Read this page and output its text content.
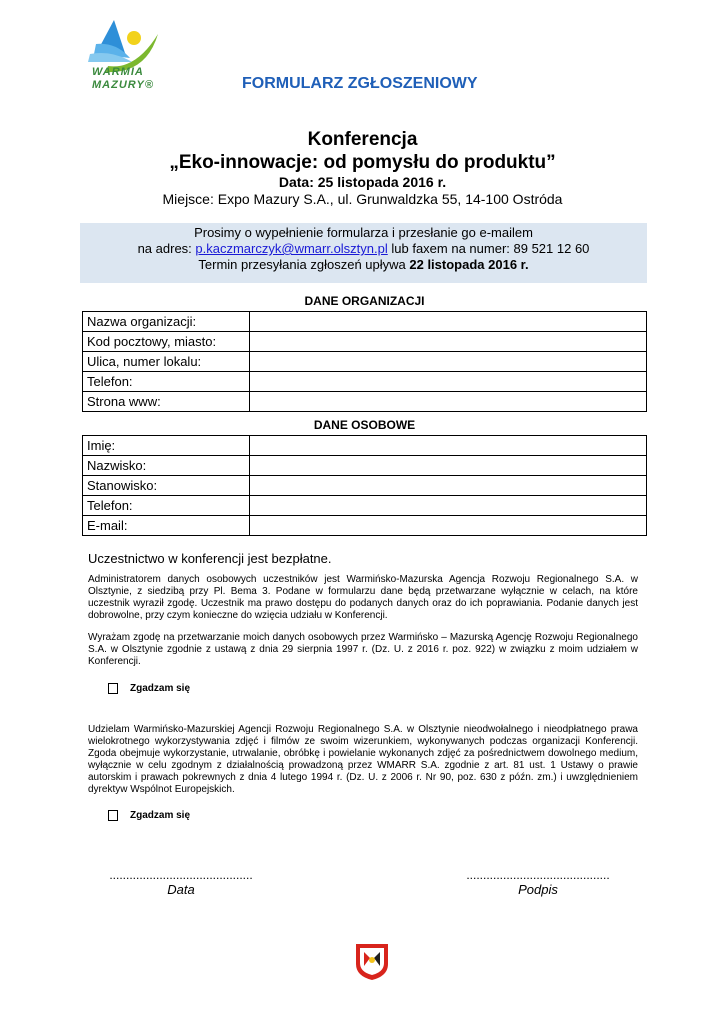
WARMIA
MAZURY®	FORMULARZ ZGŁOSZENIOWY
Konferencja
„Eko-innowacje: od pomysłu do produktu”
Data: 25 listopada 2016 r.
Miejsce: Expo Mazury S.A., ul. Grunwaldzka 55, 14-100 Ostróda
Prosimy o wypełnienie formularza i przesłanie go e-mailem
na adres: p.kaczmarczyk@wmarr.olsztyn.pl lub faxem na numer: 89 521 12 60
Termin przesyłania zgłoszeń upływa 22 listopada 2016 r.
DANE ORGANIZACJI
Nazwa organizacji:	
Kod pocztowy, miasto:	
Ulica, numer lokalu:	
Telefon:	
Strona www:	
DANE OSOBOWE
Imię:	
Nazwisko:	
Stanowisko:	
Telefon:	
E-mail:	
Uczestnictwo w konferencji jest bezpłatne.
Administratorem danych osobowych uczestników jest Warmińsko-Mazurska Agencja Rozwoju Regionalnego S.A. w Olsztynie, z siedzibą przy Pl. Bema 3. Podane w formularzu dane będą przetwarzane wyłącznie w celach, na które uczestnik wyraził zgodę. Uczestnik ma prawo dostępu do podanych danych oraz do ich poprawiania. Podanie danych jest dobrowolne, przy czym konieczne do wzięcia udziału w Konferencji.
Wyrażam zgodę na przetwarzanie moich danych osobowych przez Warmińsko – Mazurską Agencję Rozwoju Regionalnego S.A. w Olsztynie zgodnie z ustawą z dnia 29 sierpnia 1997 r. (Dz. U. z 2016 r. poz. 922) w związku z moim udziałem w Konferencji.
Zgadzam się
Udzielam Warmińsko-Mazurskiej Agencji Rozwoju Regionalnego S.A. w Olsztynie nieodwołalnego i nieodpłatnego prawa wielokrotnego wykorzystywania zdjęć i filmów ze swoim wizerunkiem, wykonywanych podczas organizacji Konferencji. Zgoda obejmuje wykorzystanie, utrwalanie, obróbkę i powielanie wykonanych zdjęć za pośrednictwem dowolnego medium, wyłącznie w celu zgodnym z działalnością prowadzoną przez WMARR S.A. zgodnie z art. 81 ust. 1 Ustawy o prawie autorskim i prawach pokrewnych z dnia 4 lutego 1994 r. (Dz. U. z 2006 r. Nr 90, poz. 630 z późn. zm.) i uwzględnieniem dyrektyw Wspólnot Europejskich.
Zgadzam się
...........................................
Data
...........................................
Podpis
